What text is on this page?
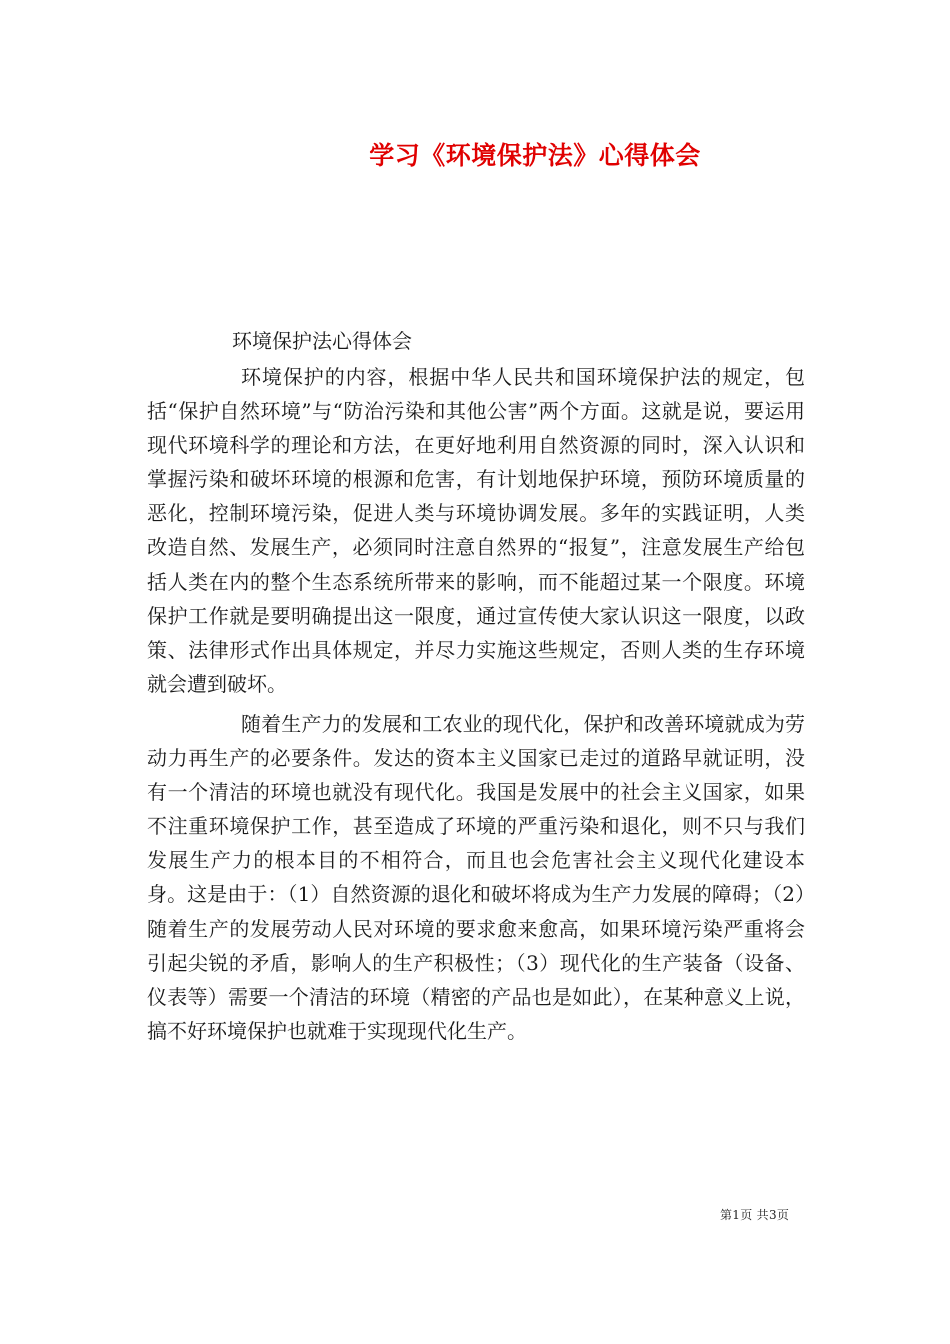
学习《环境保护法》心得体会
环境保护法心得体会

环境保护的内容，根据中华人民共和国环境保护法的规定，包括“保护自然环境”与“防治污染和其他公害”两个方面。这就是说，要运用现代环境科学的理论和方法，在更好地利用自然资源的同时，深入认识和掌握污染和破坏环境的根源和危害，有计划地保护环境，预防环境质量的恶化，控制环境污染，促进人类与环境协调发展。多年的实践证明，人类改造自然、发展生产，必须同时注意自然界的“报复”，注意发展生产给包括人类在内的整个生态系统所带来的影响，而不能超过某一个限度。环境保护工作就是要明确提出这一限度，通过宣传使大家认识这一限度，以政策、法律形式作出具体规定，并尽力实施这些规定，否则人类的生存环境就会遭到破坏。

随着生产力的发展和工农业的现代化，保护和改善环境就成为劳动力再生产的必要条件。发达的资本主义国家已走过的道路早就证明，没有一个清洁的环境也就没有现代化。我国是发展中的社会主义国家，如果不注重环境保护工作，甚至造成了环境的严重污染和退化，则不只与我们发展生产力的根本目的不相符合，而且也会危害社会主义现代化建设本身。这是由于：（1）自然资源的退化和破坏将成为生产力发展的障碍；（2）随着生产的发展劳动人民对环境的要求愈来愈高，如果环境污染严重将会引起尖锐的矛盾，影响人的生产积极性；（3）现代化的生产装备（设备、仪表等）需要一个清洁的环境（精密的产品也是如此），在某种意义上说，搞不好环境保护也就难于实现现代化生产。

第1页 共3页
